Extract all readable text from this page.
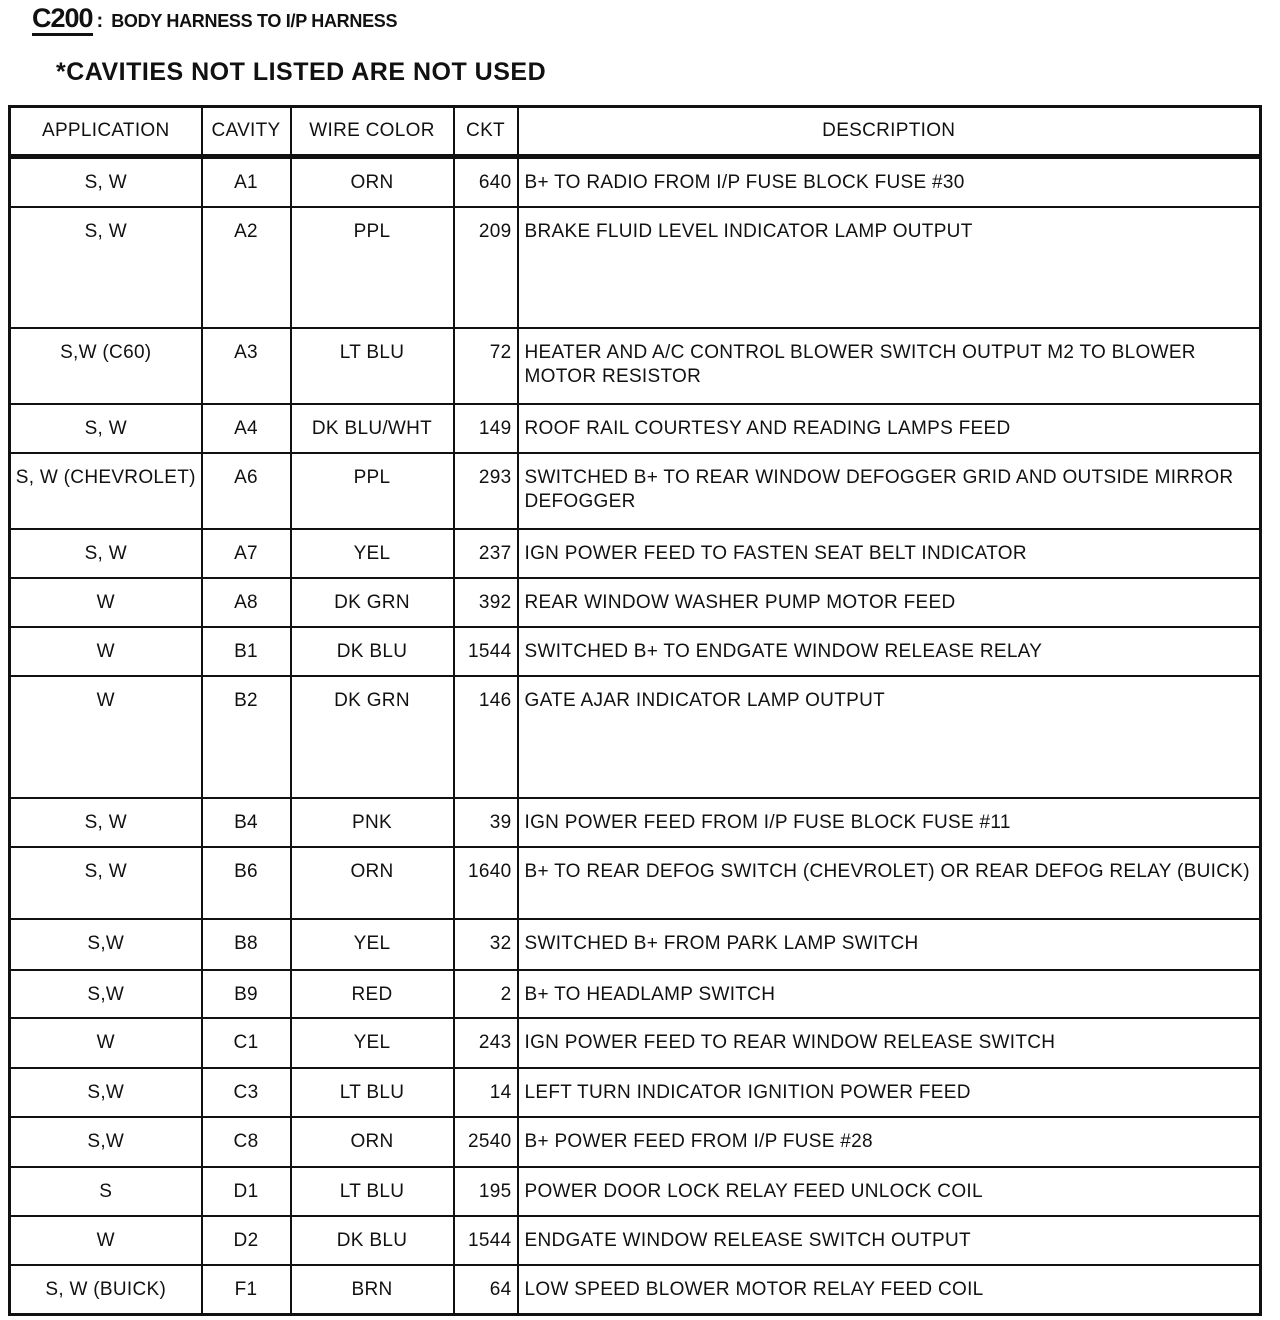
C200 : BODY HARNESS TO I/P HARNESS
*CAVITIES NOT LISTED ARE NOT USED
APPLICATION	CAVITY	WIRE COLOR	CKT	DESCRIPTION
S, W	A1	ORN	640	B+ TO RADIO FROM I/P FUSE BLOCK FUSE #30
S, W	A2	PPL	209	BRAKE FLUID LEVEL INDICATOR LAMP OUTPUT
S,W (C60)	A3	LT BLU	72	HEATER AND A/C CONTROL BLOWER SWITCH OUTPUT M2 TO BLOWER MOTOR RESISTOR
S, W	A4	DK BLU/WHT	149	ROOF RAIL COURTESY AND READING LAMPS FEED
S, W (CHEVROLET)	A6	PPL	293	SWITCHED B+ TO REAR WINDOW DEFOGGER GRID AND OUTSIDE MIRROR DEFOGGER
S, W	A7	YEL	237	IGN POWER FEED TO FASTEN SEAT BELT INDICATOR
W	A8	DK GRN	392	REAR WINDOW WASHER PUMP MOTOR FEED
W	B1	DK BLU	1544	SWITCHED B+ TO ENDGATE WINDOW RELEASE RELAY
W	B2	DK GRN	146	GATE AJAR INDICATOR LAMP OUTPUT
S, W	B4	PNK	39	IGN POWER FEED FROM I/P FUSE BLOCK FUSE #11
S, W	B6	ORN	1640	B+ TO REAR DEFOG SWITCH (CHEVROLET) OR REAR DEFOG RELAY (BUICK)
S,W	B8	YEL	32	SWITCHED B+ FROM PARK LAMP SWITCH
S,W	B9	RED	2	B+ TO HEADLAMP SWITCH
W	C1	YEL	243	IGN POWER FEED TO REAR WINDOW RELEASE SWITCH
S,W	C3	LT BLU	14	LEFT TURN INDICATOR IGNITION POWER FEED
S,W	C8	ORN	2540	B+ POWER FEED FROM I/P FUSE #28
S	D1	LT BLU	195	POWER DOOR LOCK RELAY FEED UNLOCK COIL
W	D2	DK BLU	1544	ENDGATE WINDOW RELEASE SWITCH OUTPUT
S, W (BUICK)	F1	BRN	64	LOW SPEED BLOWER MOTOR RELAY FEED COIL
